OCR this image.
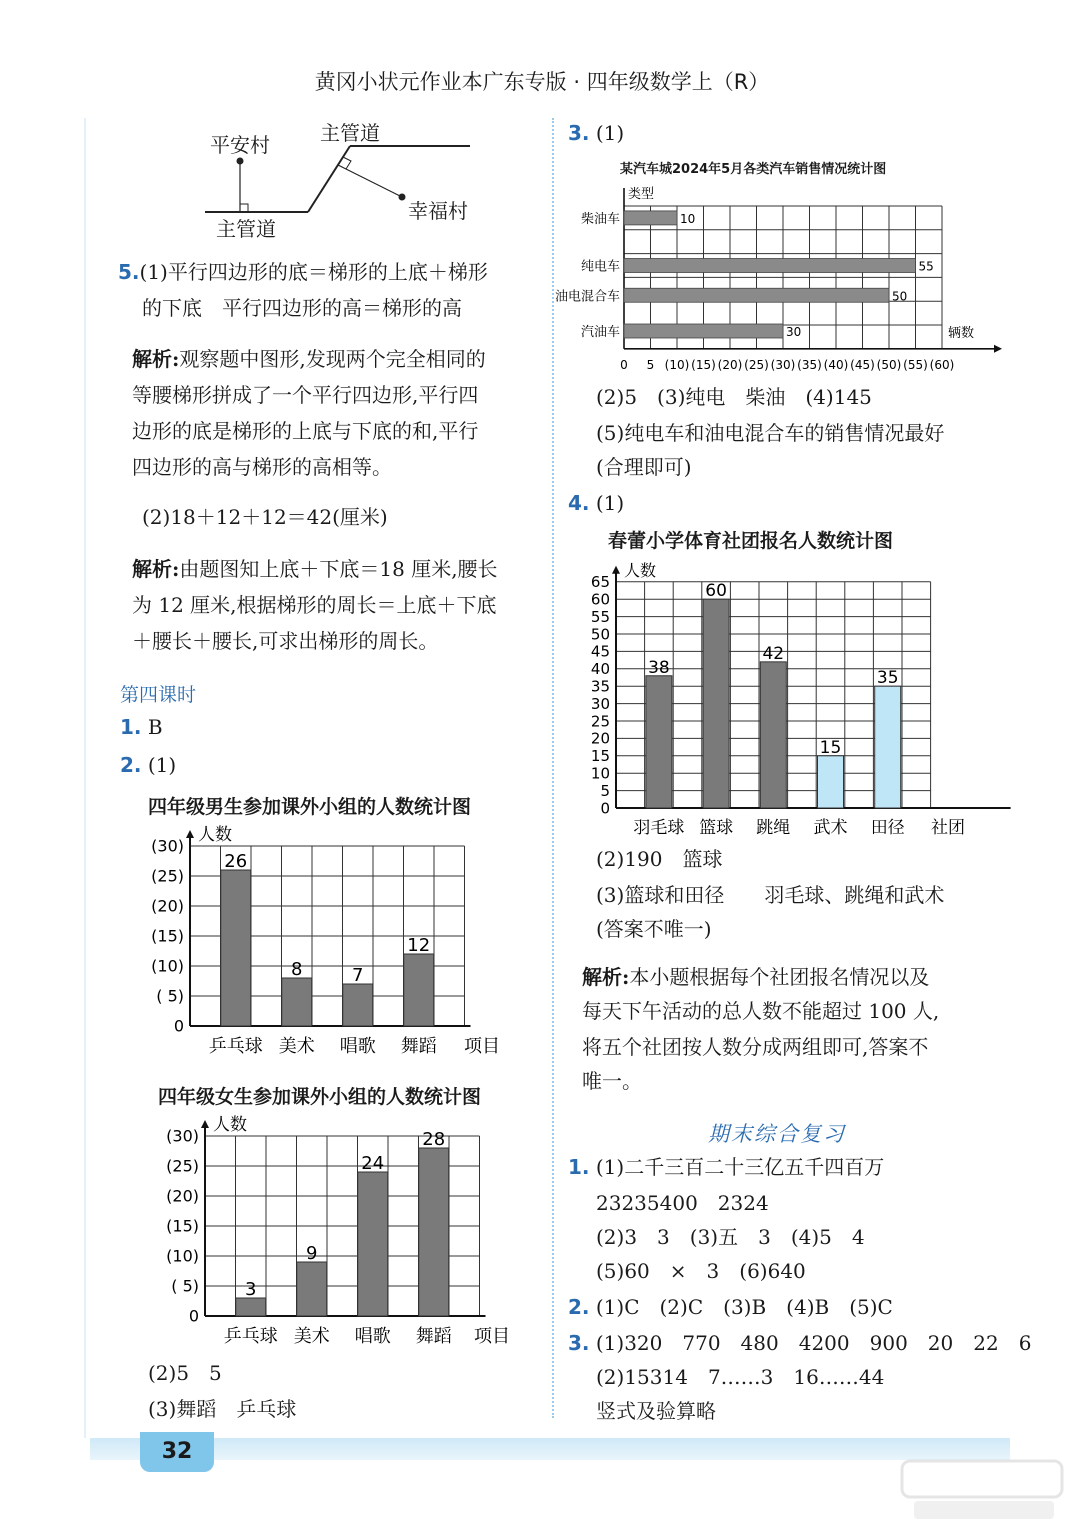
黄冈小状元作业本广东专版 · 四年级数学上（R）
平安村	主管道
幸福村
主管道
5.(1)平行四边形的底＝梯形的上底＋梯形
的下底　平行四边形的高＝梯形的高
解析:观察题中图形,发现两个完全相同的
等腰梯形拼成了一个平行四边形,平行四
边形的底是梯形的上底与下底的和,平行
四边形的高与梯形的高相等。
(2)18＋12＋12＝42(厘米)
解析:由题图知上底＋下底＝18 厘米,腰长
为 12 厘米,根据梯形的周长＝上底＋下底
＋腰长＋腰长,可求出梯形的周长。
第四课时
1. B
2. (1)
四年级男生参加课外小组的人数统计图
人数
0
( 5)
(10)
(15)
(20)
(25)
(30)
26
乒乓球
8
美术
7
唱歌
12
舞蹈 项目
四年级女生参加课外小组的人数统计图
人数
0
( 5)
(10)
(15)
(20)
(25)
(30)
3
乒乓球
9
美术
24
唱歌
28
舞蹈 项目
(2)5　5
(3)舞蹈　乒乓球
3. (1)
某汽车城2024年5月各类汽车销售情况统计图
类型
辆数
10
柴油车
55
纯电车
50
油电混合车
30
汽油车
0 5 (10) (15) (20) (25) (30) (35) (40) (45) (50) (55) (60)
(2)5　(3)纯电　柴油　(4)145
(5)纯电车和油电混合车的销售情况最好
(合理即可)
4. (1)
春蕾小学体育社团报名人数统计图
人数
0
5
10
15
20
25
30
35
40
45
50
55
60
65
38
羽毛球
60
篮球
42
跳绳
15
武术
35
田径 社团
(2)190　篮球
(3)篮球和田径　　羽毛球、跳绳和武术
(答案不唯一)
解析:本小题根据每个社团报名情况以及
每天下午活动的总人数不能超过 100 人,
将五个社团按人数分成两组即可,答案不
唯一。
期末综合复习
1. (1)二千三百二十三亿五千四百万
23235400　2324
(2)3　3　(3)五　3　(4)5　4
(5)60　×　3　(6)640
2. (1)C　(2)C　(3)B　(4)B　(5)C
3. (1)320　770　480　4200　900　20　22　6
(2)15314　7……3　16……44
竖式及验算略
32
